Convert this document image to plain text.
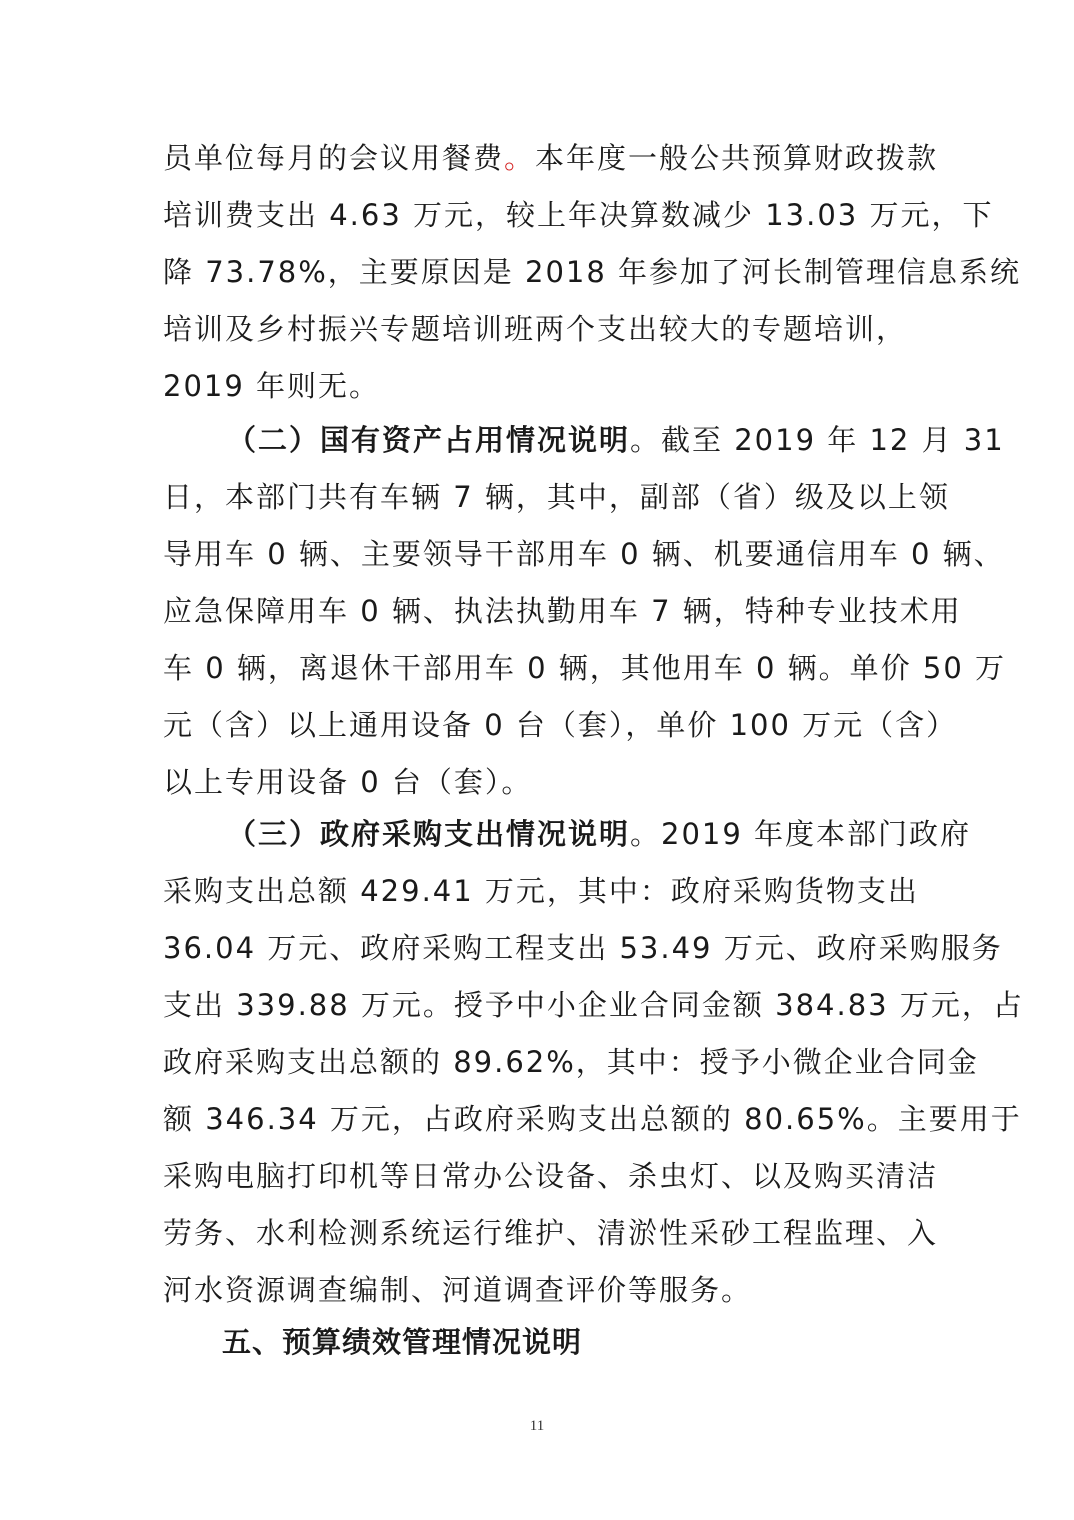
员单位每月的会议用餐费。本年度一般公共预算财政拨款
培训费支出 4.63 万元，较上年决算数减少 13.03 万元，下
降 73.78%，主要原因是 2018 年参加了河长制管理信息系统
培训及乡村振兴专题培训班两个支出较大的专题培训，
2019 年则无。
（二）国有资产占用情况说明 。截至 2019 年 12 月 31
日，本部门共有车辆 7 辆，其中，副部（省）级及以上领
导用车 0 辆、主要领导干部用车 0 辆、机要通信用车 0 辆、
应急保障用车 0 辆、执法执勤用车 7 辆，特种专业技术用
车 0 辆，离退休干部用车 0 辆，其他用车 0 辆。单价 50 万
元（含）以上通用设备 0 台（套），单价 100 万元（含）
以上专用设备 0 台（套）。
（三）政府采购支出情况说明 。2019 年度本部门政府
采购支出总额 429.41 万元，其中：政府采购货物支出
36.04 万元、政府采购工程支出 53.49 万元、政府采购服务
支出 339.88 万元。授予中小企业合同金额 384.83 万元，占
政府采购支出总额的 89.62%，其中：授予小微企业合同金
额 346.34 万元，占政府采购支出总额的 80.65%。主要用于
采购电脑打印机等日常办公设备、杀虫灯、以及购买清洁
劳务、水利检测系统运行维护、清淤性采砂工程监理、入
河水资源调查编制、河道调查评价等服务。
五、预算绩效管理情况说明
11
